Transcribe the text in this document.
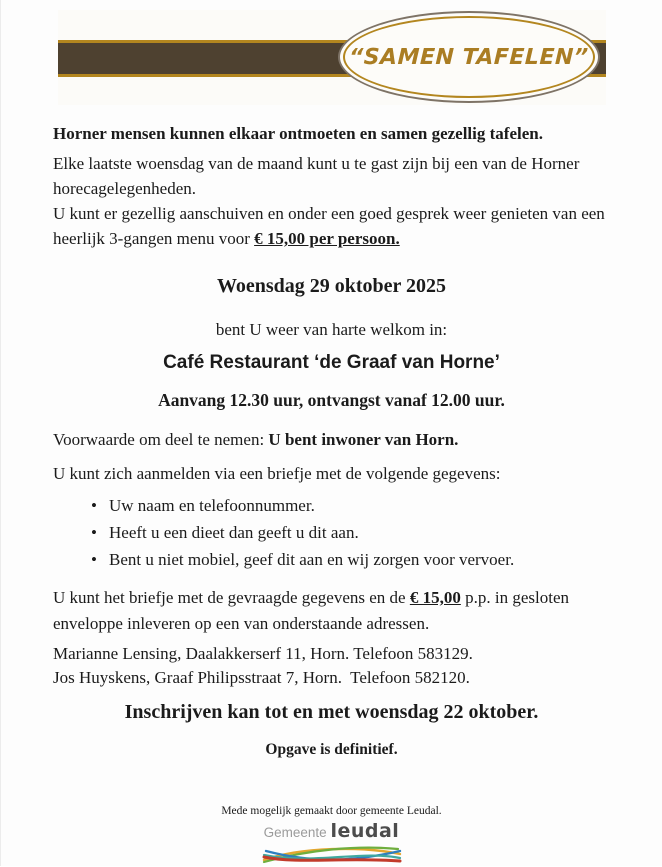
“SAMEN TAFELEN”
Horner mensen kunnen elkaar ontmoeten en samen gezellig tafelen.
Elke laatste woensdag van de maand kunt u te gast zijn bij een van de Horner horecagelegenheden.
U kunt er gezellig aanschuiven en onder een goed gesprek weer genieten van een heerlijk 3-gangen menu voor € 15,00 per persoon.
Woensdag 29 oktober 2025
bent U weer van harte welkom in:
Café Restaurant ‘de Graaf van Horne’
Aanvang 12.30 uur, ontvangst vanaf 12.00 uur.
Voorwaarde om deel te nemen: U bent inwoner van Horn.
U kunt zich aanmelden via een briefje met de volgende gegevens:
• Uw naam en telefoonnummer.
• Heeft u een dieet dan geeft u dit aan.
• Bent u niet mobiel, geef dit aan en wij zorgen voor vervoer.
U kunt het briefje met de gevraagde gegevens en de € 15,00 p.p. in gesloten enveloppe inleveren op een van onderstaande adressen.
Marianne Lensing, Daalakkerserf 11, Horn. Telefoon 583129.
Jos Huyskens, Graaf Philipsstraat 7, Horn.  Telefoon 582120.
Inschrijven kan tot en met woensdag 22 oktober.
Opgave is definitief.
Mede mogelijk gemaakt door gemeente Leudal.
Gemeente leudal
